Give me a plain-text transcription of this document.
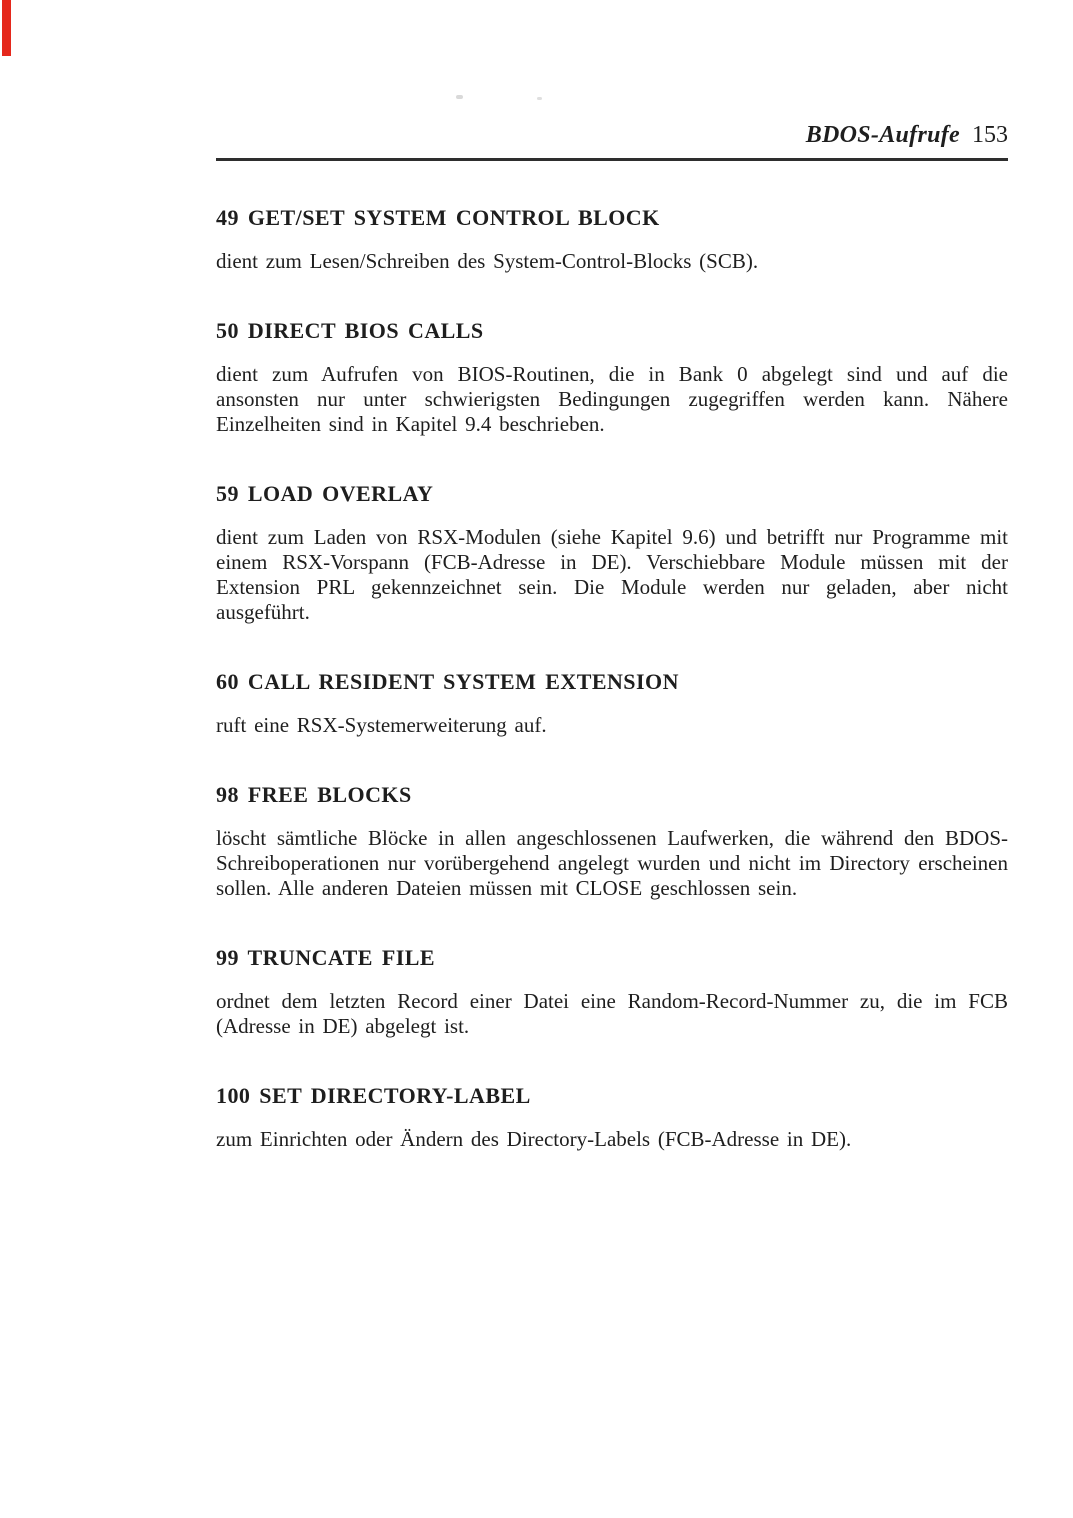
BDOS-Aufrufe 153
49 GET/SET SYSTEM CONTROL BLOCK

dient zum Lesen/Schreiben des System-Control-Blocks (SCB).

50 DIRECT BIOS CALLS

dient zum Aufrufen von BIOS-Routinen, die in Bank 0 abgelegt sind und auf die ansonsten nur unter schwierigsten Bedingungen zugegriffen werden kann. Nähere Einzelheiten sind in Kapitel 9.4 beschrieben.

59 LOAD OVERLAY

dient zum Laden von RSX-Modulen (siehe Kapitel 9.6) und betrifft nur Programme mit einem RSX-Vorspann (FCB-Adresse in DE). Verschiebbare Module müssen mit der Extension PRL gekennzeichnet sein. Die Module werden nur geladen, aber nicht ausgeführt.

60 CALL RESIDENT SYSTEM EXTENSION

ruft eine RSX-Systemerweiterung auf.

98 FREE BLOCKS

löscht sämtliche Blöcke in allen angeschlossenen Laufwerken, die während den BDOS-Schreiboperationen nur vorübergehend angelegt wurden und nicht im Directory erscheinen sollen. Alle anderen Dateien müssen mit CLOSE geschlossen sein.

99 TRUNCATE FILE

ordnet dem letzten Record einer Datei eine Random-Record-Nummer zu, die im FCB (Adresse in DE) abgelegt ist.

100 SET DIRECTORY-LABEL

zum Einrichten oder Ändern des Directory-Labels (FCB-Adresse in DE).
